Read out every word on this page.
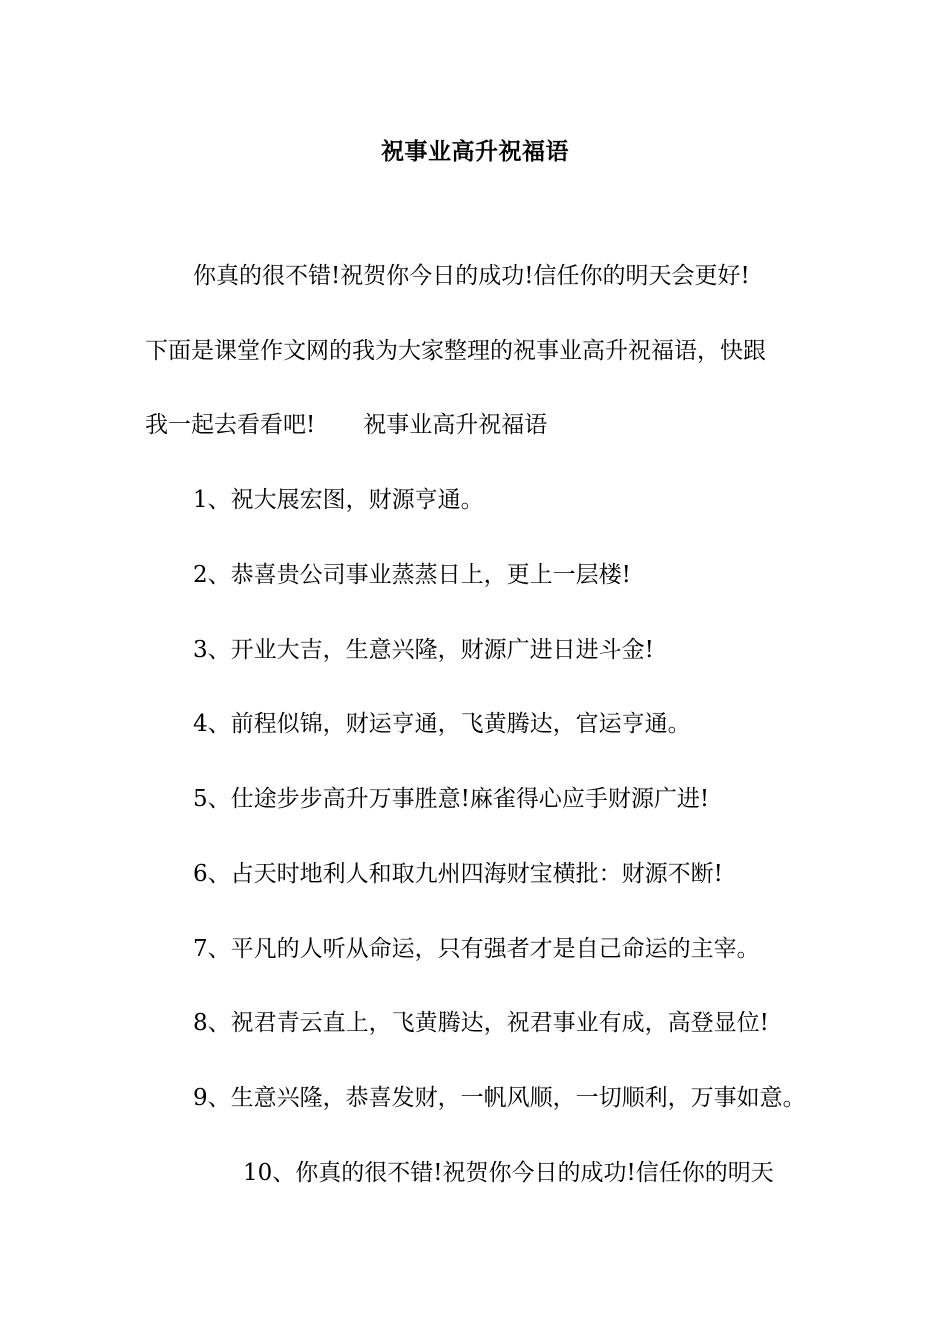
祝事业高升祝福语
你真的很不错!祝贺你今日的成功!信任你的明天会更好!
下面是课堂作文网的我为大家整理的祝事业高升祝福语，快跟
我一起去看看吧! 祝事业高升祝福语
1、祝大展宏图，财源亨通。
2、恭喜贵公司事业蒸蒸日上，更上一层楼!
3、开业大吉，生意兴隆，财源广进日进斗金!
4、前程似锦，财运亨通，飞黄腾达，官运亨通。
5、仕途步步高升万事胜意!麻雀得心应手财源广进!
6、占天时地利人和取九州四海财宝横批：财源不断!
7、平凡的人听从命运，只有强者才是自己命运的主宰。
8、祝君青云直上，飞黄腾达，祝君事业有成，高登显位!
9、生意兴隆，恭喜发财，一帆风顺，一切顺利，万事如意。
10、你真的很不错!祝贺你今日的成功!信任你的明天
